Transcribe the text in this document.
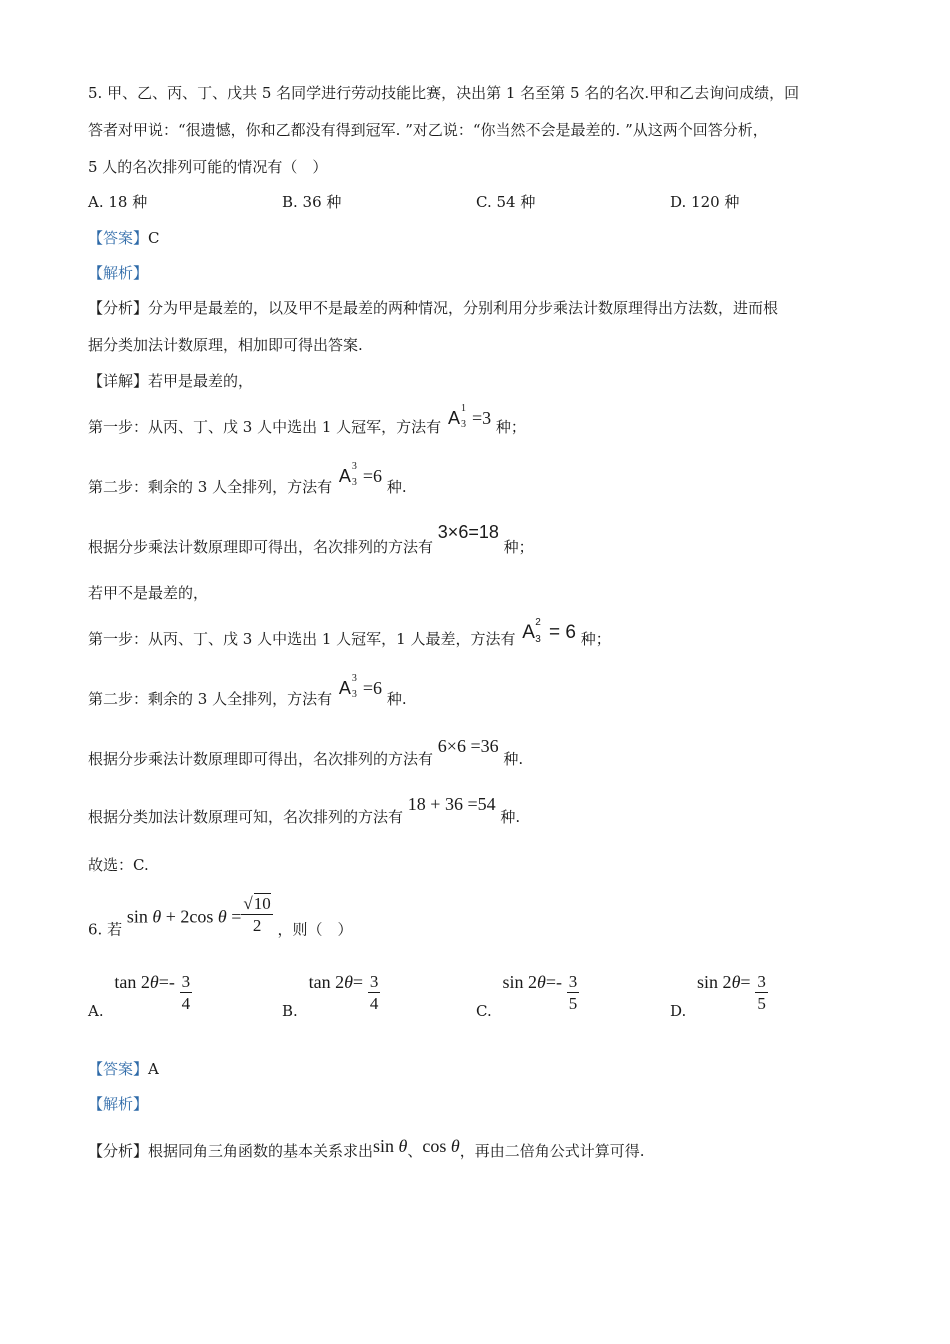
5. 甲、乙、丙、丁、戊共 5 名同学进行劳动技能比赛，决出第 1 名至第 5 名的名次.甲和乙去询问成绩，回
答者对甲说：“很遗憾，你和乙都没有得到冠军. ”对乙说：“你当然不会是最差的. ”从这两个回答分析，
5 人的名次排列可能的情况有（　）
A. 18 种	B. 36 种	C. 54 种	D. 120 种
【答案】C
【解析】
【分析】分为甲是最差的，以及甲不是最差的两种情况，分别利用分步乘法计数原理得出方法数，进而根
据分类加法计数原理，相加即可得出答案.
【详解】若甲是最差的，
第一步：从丙、丁、戊 3 人中选出 1 人冠军，方法有 A 1
3 =3 种；
第二步：剩余的 3 人全排列，方法有 A 3
3 =6 种.
根据分步乘法计数原理即可得出，名次排列的方法有 3×6=18 种；
若甲不是最差的，
第一步：从丙、丁、戊 3 人中选出 1 人冠军，1 人最差，方法有 A 2
3 = 6 种；
第二步：剩余的 3 人全排列，方法有 A 3
3 =6 种.
根据分步乘法计数原理即可得出，名次排列的方法有 6×6 =36 种.
根据分类加法计数原理可知，名次排列的方法有 18 + 36 =54 种.
故选：C.
6. 若 sin θ + 2cos $\theta = \frac{√10}{2}$ ，则（　）
A. $\tan 2\theta=- \frac{3}{4}$	B. $\tan 2\theta= \frac{3}{4}$	C. $\sin 2\theta=- \frac{3}{5}$	D. $\sin 2\theta= \frac{3}{5}$
【答案】A
【解析】
【分析】根据同角三角函数的基本关系求出sin θ、cos θ，再由二倍角公式计算可得.
